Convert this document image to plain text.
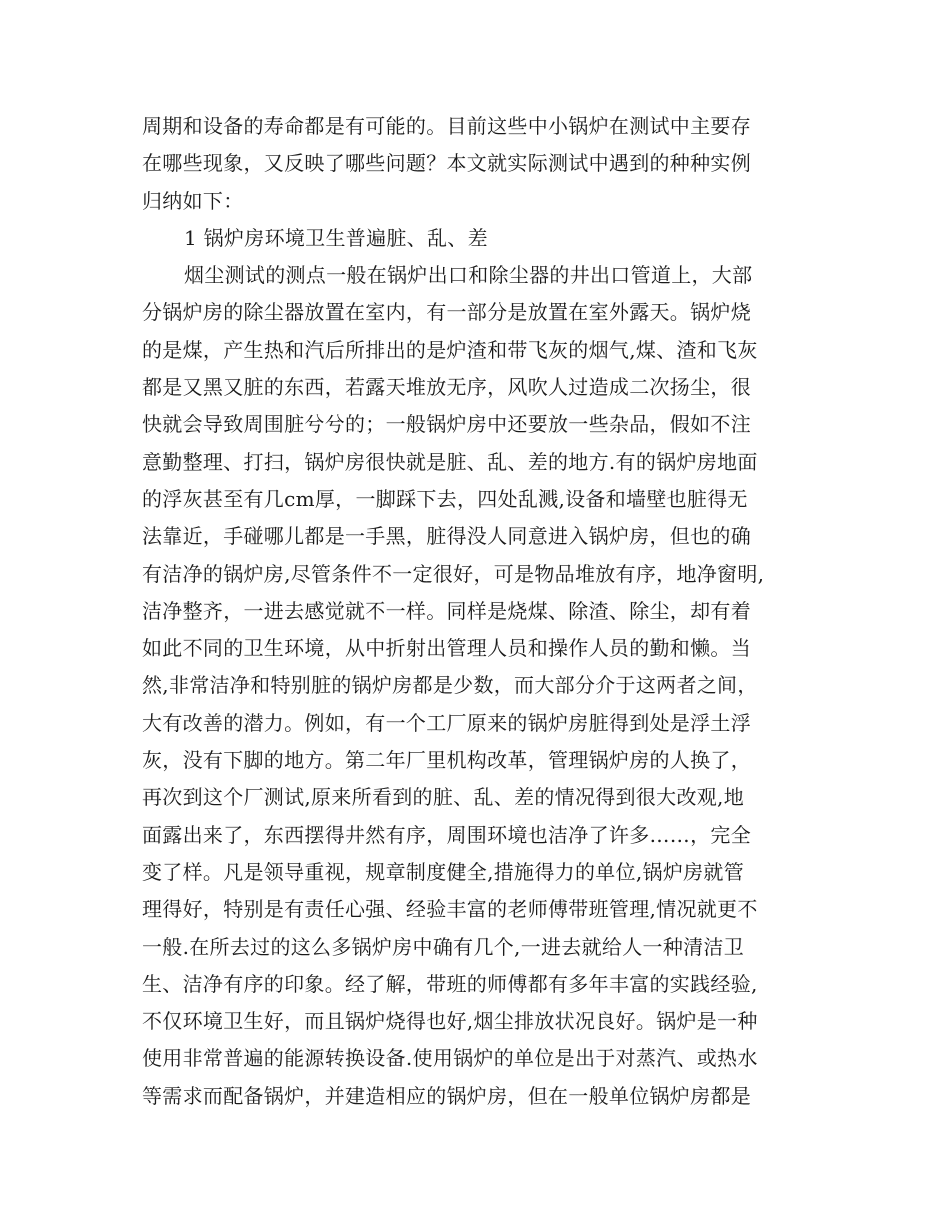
周期和设备的寿命都是有可能的。目前这些中小锅炉在测试中主要存
在哪些现象，又反映了哪些问题？本文就实际测试中遇到的种种实例
归纳如下：
1 锅炉房环境卫生普遍脏、乱、差
烟尘测试的测点一般在锅炉出口和除尘器的井出口管道上，大部
分锅炉房的除尘器放置在室内，有一部分是放置在室外露天。锅炉烧
的是煤，产生热和汽后所排出的是炉渣和带飞灰的烟气,煤、渣和飞灰
都是又黑又脏的东西，若露天堆放无序，风吹人过造成二次扬尘，很
快就会导致周围脏兮兮的；一般锅炉房中还要放一些杂品，假如不注
意勤整理、打扫，锅炉房很快就是脏、乱、差的地方.有的锅炉房地面
的浮灰甚至有几cm厚，一脚踩下去，四处乱溅,设备和墙壁也脏得无
法靠近，手碰哪儿都是一手黑，脏得没人同意进入锅炉房，但也的确
有洁净的锅炉房,尽管条件不一定很好，可是物品堆放有序，地净窗明,
洁净整齐，一进去感觉就不一样。同样是烧煤、除渣、除尘，却有着
如此不同的卫生环境，从中折射出管理人员和操作人员的勤和懒。当
然,非常洁净和特别脏的锅炉房都是少数，而大部分介于这两者之间，
大有改善的潜力。例如，有一个工厂原来的锅炉房脏得到处是浮土浮
灰，没有下脚的地方。第二年厂里机构改革，管理锅炉房的人换了，
再次到这个厂测试,原来所看到的脏、乱、差的情况得到很大改观,地
面露出来了，东西摆得井然有序，周围环境也洁净了许多……，完全
变了样。凡是领导重视，规章制度健全,措施得力的单位,锅炉房就管
理得好，特别是有责任心强、经验丰富的老师傅带班管理,情况就更不
一般.在所去过的这么多锅炉房中确有几个,一进去就给人一种清洁卫
生、洁净有序的印象。经了解，带班的师傅都有多年丰富的实践经验,
不仅环境卫生好，而且锅炉烧得也好,烟尘排放状况良好。锅炉是一种
使用非常普遍的能源转换设备.使用锅炉的单位是出于对蒸汽、或热水
等需求而配备锅炉，并建造相应的锅炉房，但在一般单位锅炉房都是
